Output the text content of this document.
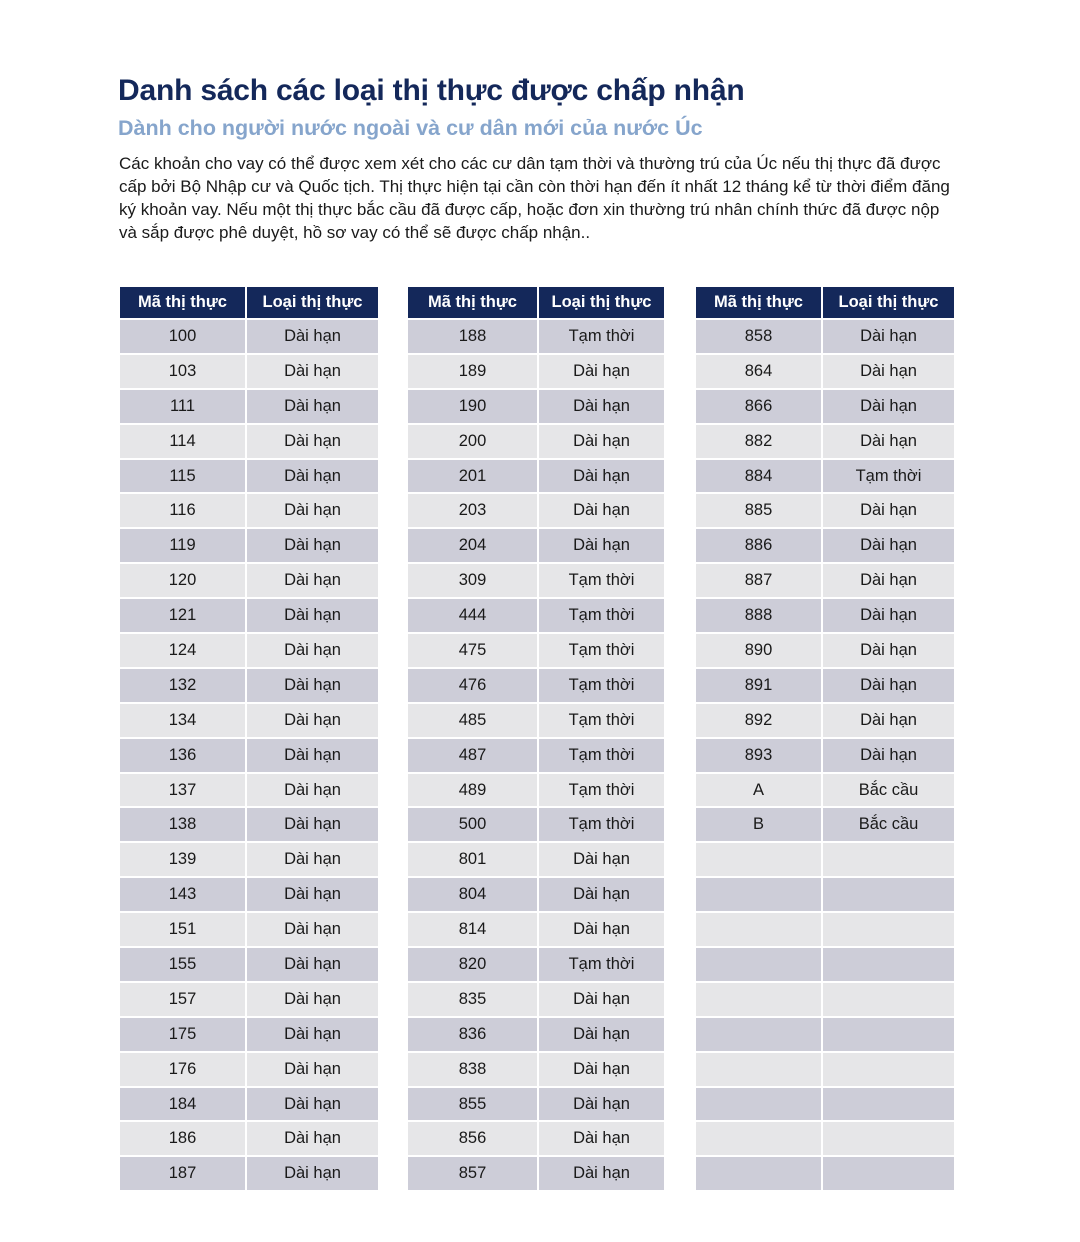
Danh sách các loại thị thực được chấp nhận
Dành cho người nước ngoài và cư dân mới của nước Úc

Các khoản cho vay có thể được xem xét cho các cư dân tạm thời và thường trú của Úc nếu thị thực đã được cấp bởi Bộ Nhập cư và Quốc tịch. Thị thực hiện tại cần còn thời hạn đến ít nhất 12 tháng kể từ thời điểm đăng ký khoản vay. Nếu một thị thực bắc cầu đã được cấp, hoặc đơn xin thường trú nhân chính thức đã được nộp và sắp được phê duyệt, hồ sơ vay có thể sẽ được chấp nhận..

Mã thị thực	Loại thị thực
100	Dài hạn
103	Dài hạn
111	Dài hạn
114	Dài hạn
115	Dài hạn
116	Dài hạn
119	Dài hạn
120	Dài hạn
121	Dài hạn
124	Dài hạn
132	Dài hạn
134	Dài hạn
136	Dài hạn
137	Dài hạn
138	Dài hạn
139	Dài hạn
143	Dài hạn
151	Dài hạn
155	Dài hạn
157	Dài hạn
175	Dài hạn
176	Dài hạn
184	Dài hạn
186	Dài hạn
187	Dài hạn
Mã thị thực	Loại thị thực
188	Tạm thời
189	Dài hạn
190	Dài hạn
200	Dài hạn
201	Dài hạn
203	Dài hạn
204	Dài hạn
309	Tạm thời
444	Tạm thời
475	Tạm thời
476	Tạm thời
485	Tạm thời
487	Tạm thời
489	Tạm thời
500	Tạm thời
801	Dài hạn
804	Dài hạn
814	Dài hạn
820	Tạm thời
835	Dài hạn
836	Dài hạn
838	Dài hạn
855	Dài hạn
856	Dài hạn
857	Dài hạn
Mã thị thực	Loại thị thực
858	Dài hạn
864	Dài hạn
866	Dài hạn
882	Dài hạn
884	Tạm thời
885	Dài hạn
886	Dài hạn
887	Dài hạn
888	Dài hạn
890	Dài hạn
891	Dài hạn
892	Dài hạn
893	Dài hạn
A	Bắc cầu
B	Bắc cầu
